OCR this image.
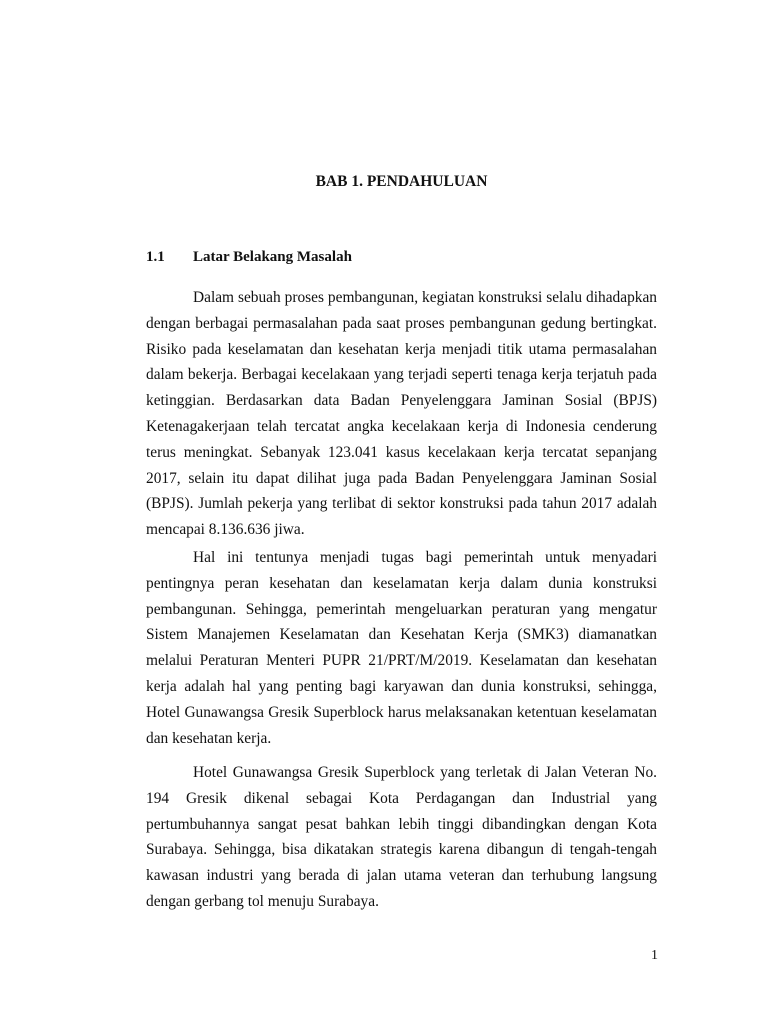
BAB 1. PENDAHULUAN
1.1 Latar Belakang Masalah

Dalam sebuah proses pembangunan, kegiatan konstruksi selalu dihadapkan dengan berbagai permasalahan pada saat proses pembangunan gedung bertingkat. Risiko pada keselamatan dan kesehatan kerja menjadi titik utama permasalahan dalam bekerja. Berbagai kecelakaan yang terjadi seperti tenaga kerja terjatuh pada ketinggian. Berdasarkan data Badan Penyelenggara Jaminan Sosial (BPJS) Ketenagakerjaan telah tercatat angka kecelakaan kerja di Indonesia cenderung terus meningkat. Sebanyak 123.041 kasus kecelakaan kerja tercatat sepanjang 2017, selain itu dapat dilihat juga pada Badan Penyelenggara Jaminan Sosial (BPJS). Jumlah pekerja yang terlibat di sektor konstruksi pada tahun 2017 adalah mencapai 8.136.636 jiwa.

Hal ini tentunya menjadi tugas bagi pemerintah untuk menyadari pentingnya peran kesehatan dan keselamatan kerja dalam dunia konstruksi pembangunan. Sehingga, pemerintah mengeluarkan peraturan yang mengatur Sistem Manajemen Keselamatan dan Kesehatan Kerja (SMK3) diamanatkan melalui Peraturan Menteri PUPR 21/PRT/M/2019. Keselamatan dan kesehatan kerja adalah hal yang penting bagi karyawan dan dunia konstruksi, sehingga, Hotel Gunawangsa Gresik Superblock harus melaksanakan ketentuan keselamatan dan kesehatan kerja.

Hotel Gunawangsa Gresik Superblock yang terletak di Jalan Veteran No. 194 Gresik dikenal sebagai Kota Perdagangan dan Industrial yang pertumbuhannya sangat pesat bahkan lebih tinggi dibandingkan dengan Kota Surabaya. Sehingga, bisa dikatakan strategis karena dibangun di tengah-tengah kawasan industri yang berada di jalan utama veteran dan terhubung langsung dengan gerbang tol menuju Surabaya.

1
